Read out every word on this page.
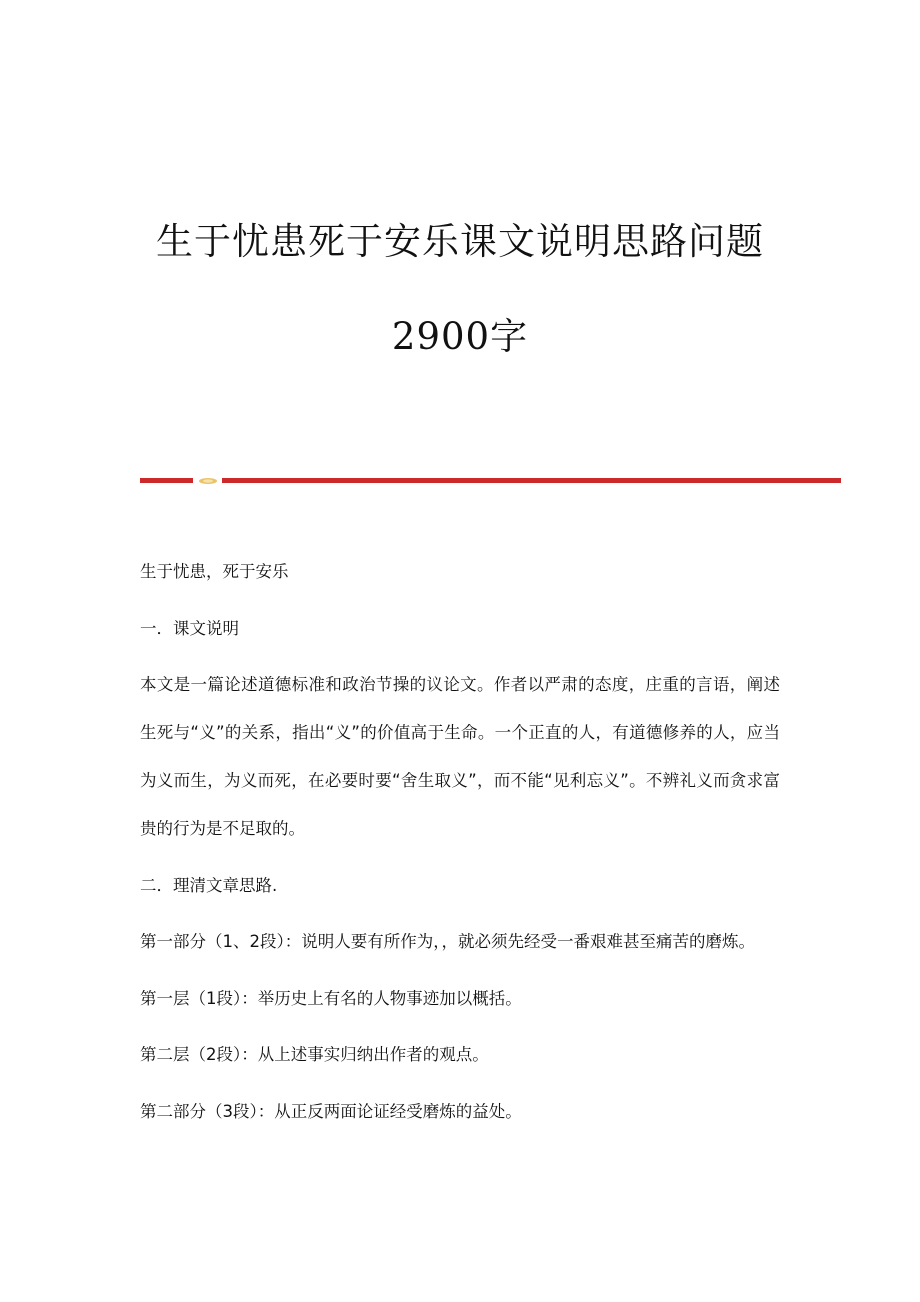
生于忧患死于安乐课文说明思路问题
2900字

生于忧患，死于安乐

一．课文说明

本文是一篇论述道德标准和政治节操的议论文。作者以严肃的态度，庄重的言语，阐述生死与“义”的关系，指出“义”的价值高于生命。一个正直的人，有道德修养的人，应当为义而生，为义而死，在必要时要“舍生取义”，而不能“见利忘义”。不辨礼义而贪求富贵的行为是不足取的。

二．理清文章思路.

第一部分（1、2段）：说明人要有所作为，，就必须先经受一番艰难甚至痛苦的磨炼。

第一层（1段）：举历史上有名的人物事迹加以概括。

第二层（2段）：从上述事实归纳出作者的观点。

第二部分（3段）：从正反两面论证经受磨炼的益处。
